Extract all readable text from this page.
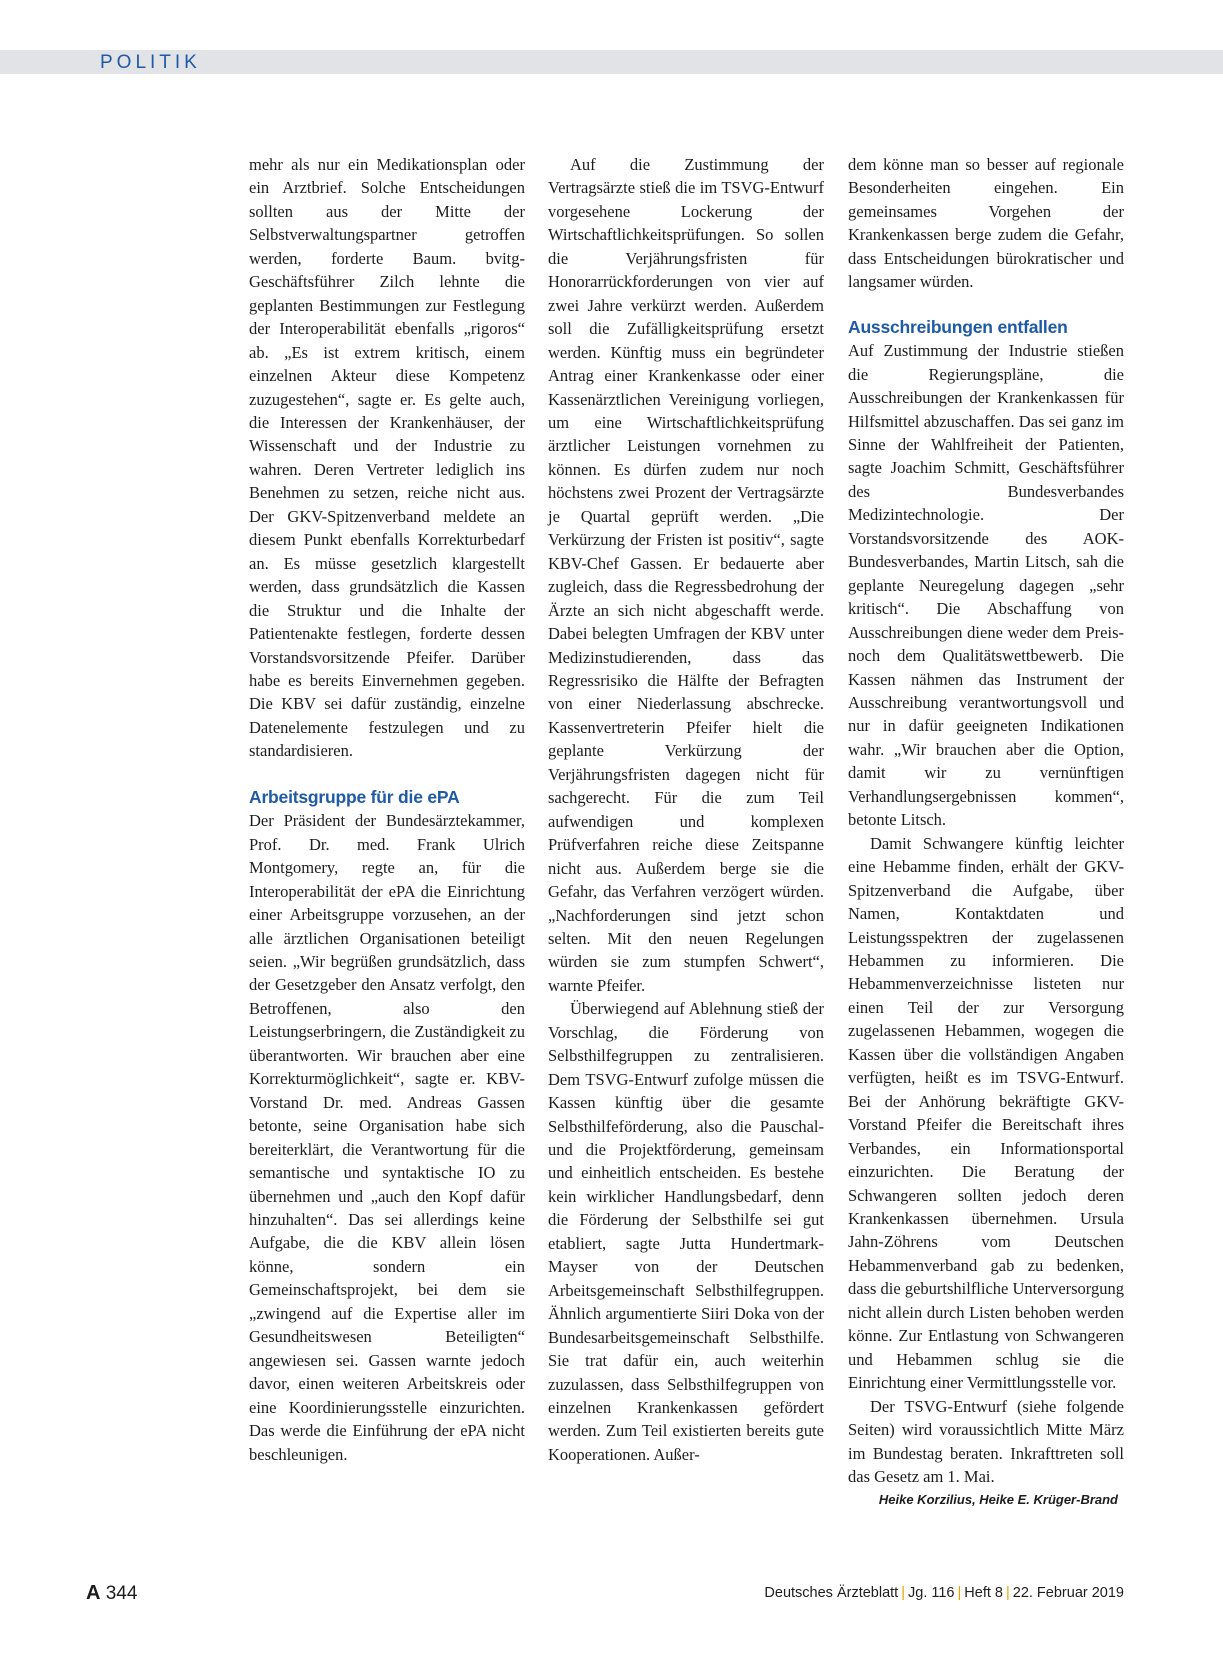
POLITIK

mehr als nur ein Medikationsplan oder ein Arztbrief. Solche Entscheidungen sollten aus der Mitte der Selbstverwaltungspartner getroffen werden, forderte Baum. bvitg-Geschäftsführer Zilch lehnte die geplanten Bestimmungen zur Festlegung der Interoperabilität ebenfalls „rigoros“ ab. „Es ist extrem kritisch, einem einzelnen Akteur diese Kompetenz zuzugestehen“, sagte er. Es gelte auch, die Interessen der Krankenhäuser, der Wissenschaft und der Industrie zu wahren. Deren Vertreter lediglich ins Benehmen zu setzen, reiche nicht aus. Der GKV-Spitzenverband meldete an diesem Punkt ebenfalls Korrekturbedarf an. Es müsse gesetzlich klargestellt werden, dass grundsätzlich die Kassen die Struktur und die Inhalte der Patientenakte festlegen, forderte dessen Vorstandsvorsitzende Pfeifer. Darüber habe es bereits Einvernehmen gegeben. Die KBV sei dafür zuständig, einzelne Datenelemente festzulegen und zu standardisieren.

Arbeitsgruppe für die ePA

Der Präsident der Bundesärztekammer, Prof. Dr. med. Frank Ulrich Montgomery, regte an, für die Interoperabilität der ePA die Einrichtung einer Arbeitsgruppe vorzusehen, an der alle ärztlichen Organisationen beteiligt seien. „Wir begrüßen grundsätzlich, dass der Gesetzgeber den Ansatz verfolgt, den Betroffenen, also den Leistungserbringern, die Zuständigkeit zu überantworten. Wir brauchen aber eine Korrekturmöglichkeit“, sagte er. KBV-Vorstand Dr. med. Andreas Gassen betonte, seine Organisation habe sich bereiterklärt, die Verantwortung für die semantische und syntaktische IO zu übernehmen und „auch den Kopf dafür hinzuhalten“. Das sei allerdings keine Aufgabe, die die KBV allein lösen könne, sondern ein Gemeinschaftsprojekt, bei dem sie „zwingend auf die Expertise aller im Gesundheitswesen Beteiligten“ angewiesen sei. Gassen warnte jedoch davor, einen weiteren Arbeitskreis oder eine Koordinierungsstelle einzurichten. Das werde die Einführung der ePA nicht beschleunigen.

Auf die Zustimmung der Vertragsärzte stieß die im TSVG-Entwurf vorgesehene Lockerung der Wirtschaftlichkeitsprüfungen. So sollen die Verjährungsfristen für Honorarrückforderungen von vier auf zwei Jahre verkürzt werden. Außerdem soll die Zufälligkeitsprüfung ersetzt werden. Künftig muss ein begründeter Antrag einer Krankenkasse oder einer Kassenärztlichen Vereinigung vorliegen, um eine Wirtschaftlichkeitsprüfung ärztlicher Leistungen vornehmen zu können. Es dürfen zudem nur noch höchstens zwei Prozent der Vertragsärzte je Quartal geprüft werden. „Die Verkürzung der Fristen ist positiv“, sagte KBV-Chef Gassen. Er bedauerte aber zugleich, dass die Regressbedrohung der Ärzte an sich nicht abgeschafft werde. Dabei belegten Umfragen der KBV unter Medizinstudierenden, dass das Regressrisiko die Hälfte der Befragten von einer Niederlassung abschrecke. Kassenvertreterin Pfeifer hielt die geplante Verkürzung der Verjährungsfristen dagegen nicht für sachgerecht. Für die zum Teil aufwendigen und komplexen Prüfverfahren reiche diese Zeitspanne nicht aus. Außerdem berge sie die Gefahr, das Verfahren verzögert würden. „Nachforderungen sind jetzt schon selten. Mit den neuen Regelungen würden sie zum stumpfen Schwert“, warnte Pfeifer.

Überwiegend auf Ablehnung stieß der Vorschlag, die Förderung von Selbsthilfegruppen zu zentralisieren. Dem TSVG-Entwurf zufolge müssen die Kassen künftig über die gesamte Selbsthilfeförderung, also die Pauschal- und die Projektförderung, gemeinsam und einheitlich entscheiden. Es bestehe kein wirklicher Handlungsbedarf, denn die Förderung der Selbsthilfe sei gut etabliert, sagte Jutta Hundertmark-Mayser von der Deutschen Arbeitsgemeinschaft Selbsthilfegruppen. Ähnlich argumentierte Siiri Doka von der Bundesarbeitsgemeinschaft Selbsthilfe. Sie trat dafür ein, auch weiterhin zuzulassen, dass Selbsthilfegruppen von einzelnen Krankenkassen gefördert werden. Zum Teil existierten bereits gute Kooperationen. Außer-

dem könne man so besser auf regionale Besonderheiten eingehen. Ein gemeinsames Vorgehen der Krankenkassen berge zudem die Gefahr, dass Entscheidungen bürokratischer und langsamer würden.

Ausschreibungen entfallen

Auf Zustimmung der Industrie stießen die Regierungspläne, die Ausschreibungen der Krankenkassen für Hilfsmittel abzuschaffen. Das sei ganz im Sinne der Wahlfreiheit der Patienten, sagte Joachim Schmitt, Geschäftsführer des Bundesverbandes Medizintechnologie. Der Vorstandsvorsitzende des AOK-Bundesverbandes, Martin Litsch, sah die geplante Neuregelung dagegen „sehr kritisch“. Die Abschaffung von Ausschreibungen diene weder dem Preis- noch dem Qualitätswettbewerb. Die Kassen nähmen das Instrument der Ausschreibung verantwortungsvoll und nur in dafür geeigneten Indikationen wahr. „Wir brauchen aber die Option, damit wir zu vernünftigen Verhandlungsergebnissen kommen“, betonte Litsch.

Damit Schwangere künftig leichter eine Hebamme finden, erhält der GKV-Spitzenverband die Aufgabe, über Namen, Kontaktdaten und Leistungsspektren der zugelassenen Hebammen zu informieren. Die Hebammenverzeichnisse listeten nur einen Teil der zur Versorgung zugelassenen Hebammen, wogegen die Kassen über die vollständigen Angaben verfügten, heißt es im TSVG-Entwurf. Bei der Anhörung bekräftigte GKV-Vorstand Pfeifer die Bereitschaft ihres Verbandes, ein Informationsportal einzurichten. Die Beratung der Schwangeren sollten jedoch deren Krankenkassen übernehmen. Ursula Jahn-Zöhrens vom Deutschen Hebammenverband gab zu bedenken, dass die geburtshilfliche Unterversorgung nicht allein durch Listen behoben werden könne. Zur Entlastung von Schwangeren und Hebammen schlug sie die Einrichtung einer Vermittlungsstelle vor.

Der TSVG-Entwurf (siehe folgende Seiten) wird voraussichtlich Mitte März im Bundestag beraten. Inkrafttreten soll das Gesetz am 1. Mai.

Heike Korzilius, Heike E. Krüger-Brand
A 344	Deutsches Ärzteblatt | Jg. 116 | Heft 8 | 22. Februar 2019
